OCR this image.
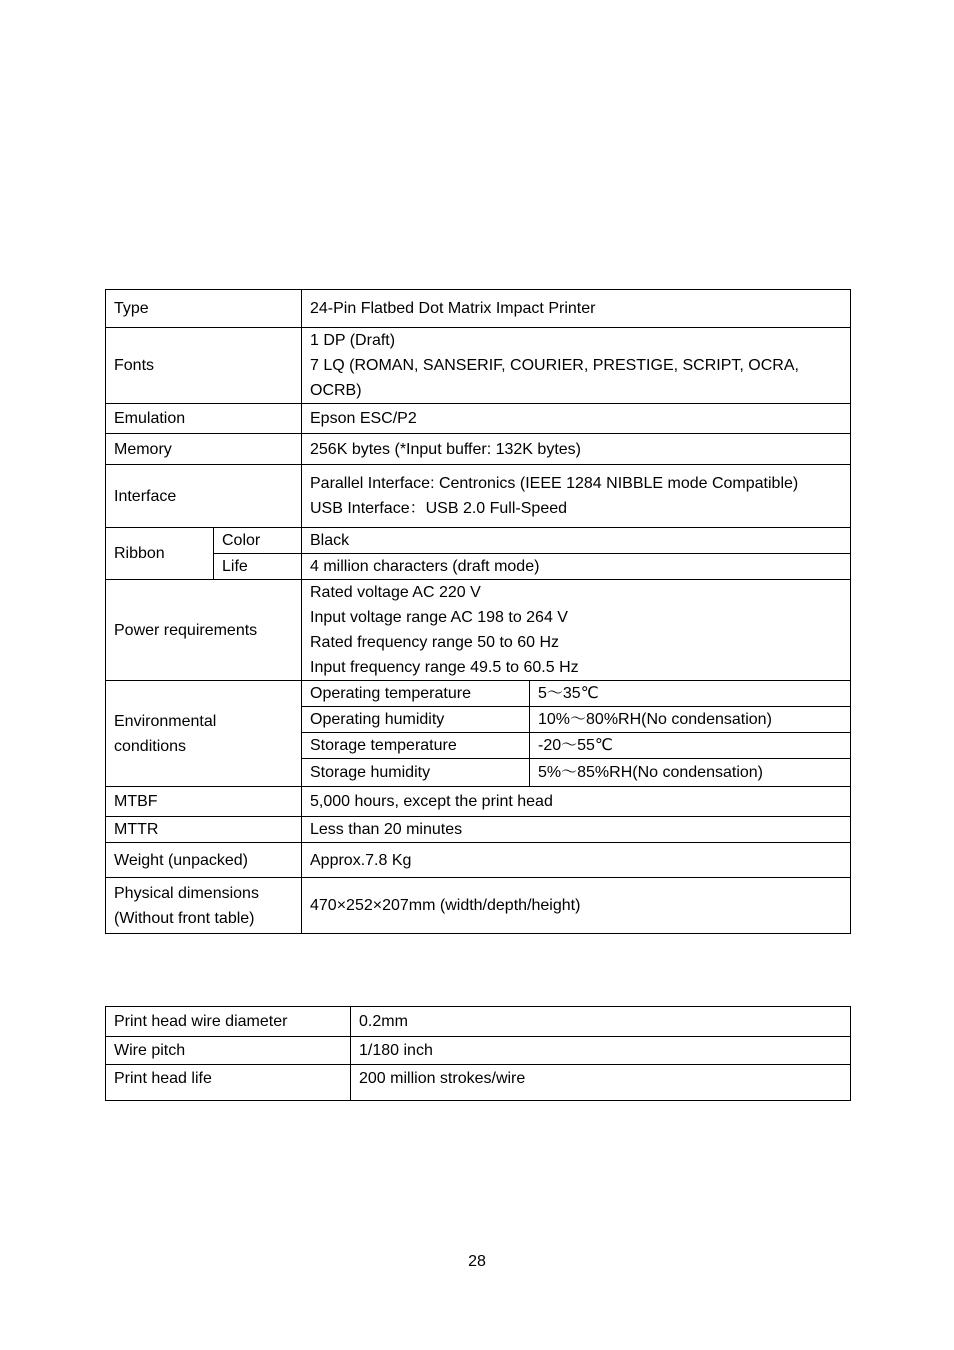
Type		24-Pin Flatbed Dot Matrix Impact Printer	
Fonts		1 DP (Draft)
7 LQ (ROMAN, SANSERIF, COURIER, PRESTIGE, SCRIPT, OCRA,
OCRB)	

Emulation		Epson ESC/P2	
Memory		256K bytes (*Input buffer: 132K bytes)	
Interface		Parallel Interface: Centronics (IEEE 1284 NIBBLE mode Compatible)
USB Interface：USB 2.0 Full-Speed	

Ribbon	Color	Black	
	Life	4 million characters (draft mode)	
Power requirements		Rated voltage AC 220 V
Input voltage range AC 198 to 264 V
Rated frequency range 50 to 60 Hz
Input frequency range 49.5 to 60.5 Hz	

Environmental
conditions		Operating temperature	5～35℃
		Operating humidity	10%～80%RH(No condensation)
		Storage temperature	-20～55℃
		Storage humidity	5%～85%RH(No condensation)
MTBF		5,000 hours, except the print head	
MTTR		Less than 20 minutes	
Weight (unpacked)		Approx.7.8 Kg	

Physical dimensions
(Without front table)		470×252×207mm (width/depth/height)	
Print head wire diameter	0.2mm
Wire pitch	1/180 inch
Print head life	200 million strokes/wire
28
